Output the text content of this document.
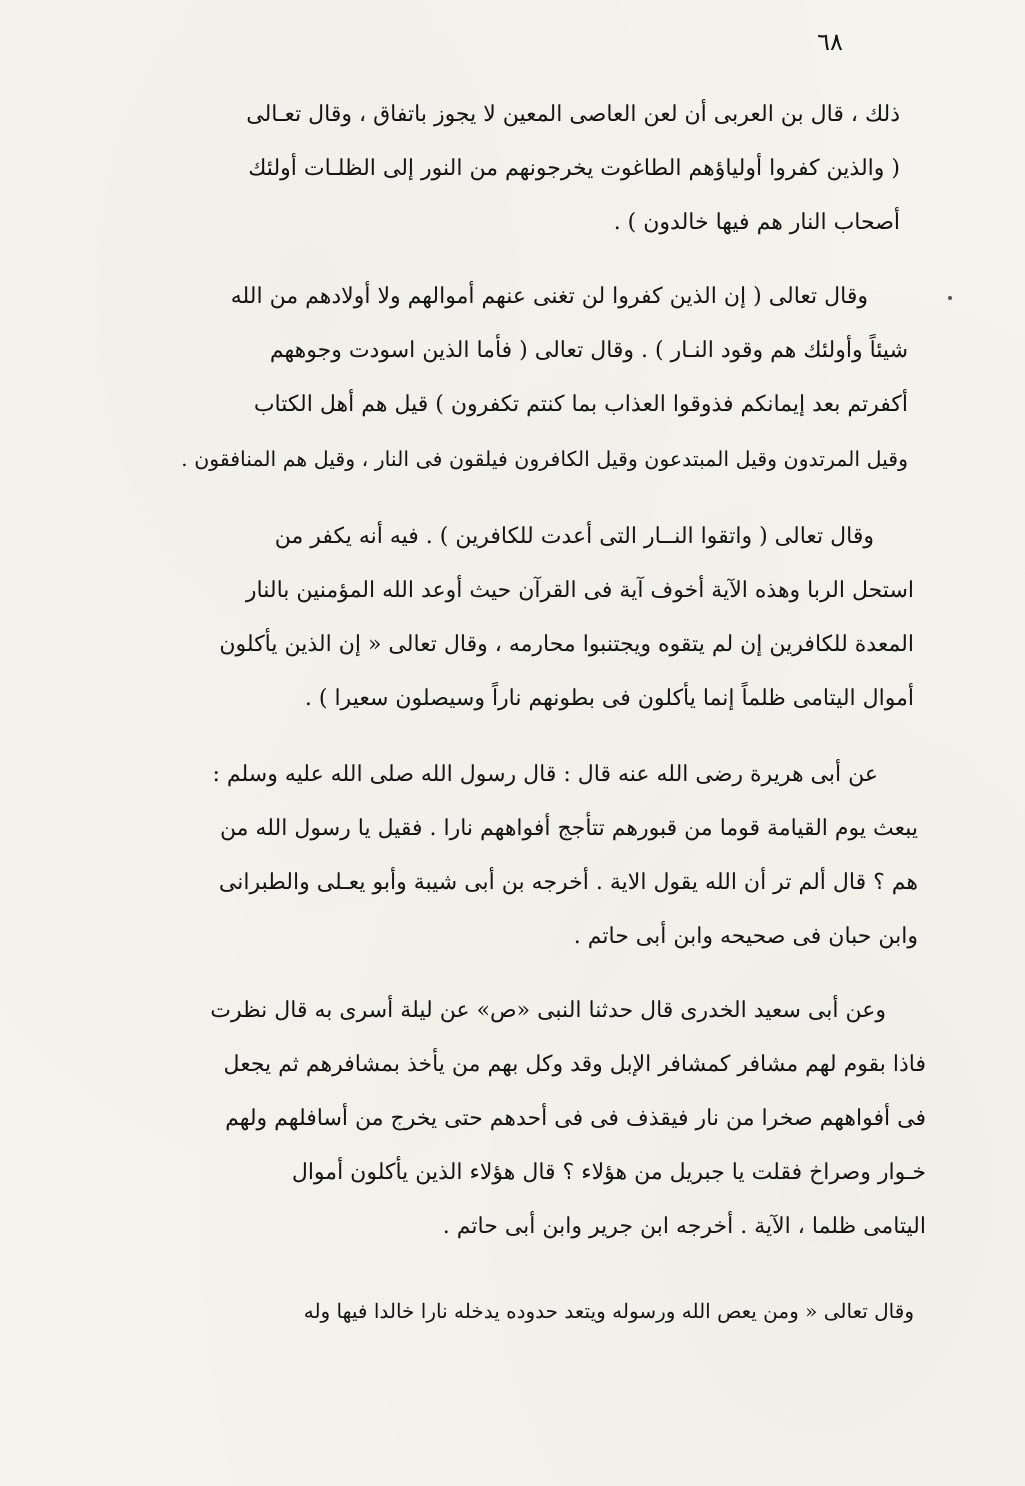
٦٨
ذلك ، قال بن العربى أن لعن العاصى المعين لا يجوز باتفاق ، وقال تعـالى
( والذين كفروا أولياؤهم الطاغوت يخرجونهم من النور إلى الظلـات أولئك
أصحاب النار هم فيها خالدون ) .
وقال تعالى ( إن الذين كفروا لن تغنى عنهم أموالهم ولا أولادهم من الله
شيئاً وأولئك هم وقود النـار ) . وقال تعالى ( فأما الذين اسودت وجوههم
أكفرتم بعد إيمانكم فذوقوا العذاب بما كنتم تكفرون ) قيل هم أهل الكتاب
وقيل المرتدون وقيل المبتدعون وقيل الكافرون فيلقون فى النار ، وقيل هم المنافقون .
وقال تعالى ( واتقوا النــار التى أعدت للكافرين ) . فيه أنه يكفر من
استحل الربا وهذه الآية أخوف آية فى القرآن حيث أوعد الله المؤمنين بالنار
المعدة للكافرين إن لم يتقوه ويجتنبوا محارمه ، وقال تعالى « إن الذين يأكلون
أموال اليتامى ظلماً إنما يأكلون فى بطونهم ناراً وسيصلون سعيرا ) .
عن أبى هريرة رضى الله عنه قال : قال رسول الله صلى الله عليه وسلم :
يبعث يوم القيامة قوما من قبورهم تتأجج أفواههم نارا . فقيل يا رسول الله من
هم ؟ قال ألم تر أن الله يقول الاية . أخرجه بن أبى شيبة وأبو يعـلى والطبرانى
وابن حبان فى صحيحه وابن أبى حاتم .
وعن أبى سعيد الخدرى قال حدثنا النبى «ص» عن ليلة أسرى به قال نظرت
فاذا بقوم لهم مشافر كمشافر الإبل وقد وكل بهم من يأخذ بمشافرهم ثم يجعل
فى أفواههم صخرا من نار فيقذف فى فى أحدهم حتى يخرج من أسافلهم ولهم
خـوار وصراخ فقلت يا جبريل من هؤلاء ؟ قال هؤلاء الذين يأكلون أموال
اليتامى ظلما ، الآية . أخرجه ابن جرير وابن أبى حاتم .
وقال تعالى « ومن يعص الله ورسوله ويتعد حدوده يدخله نارا خالدا فيها وله
